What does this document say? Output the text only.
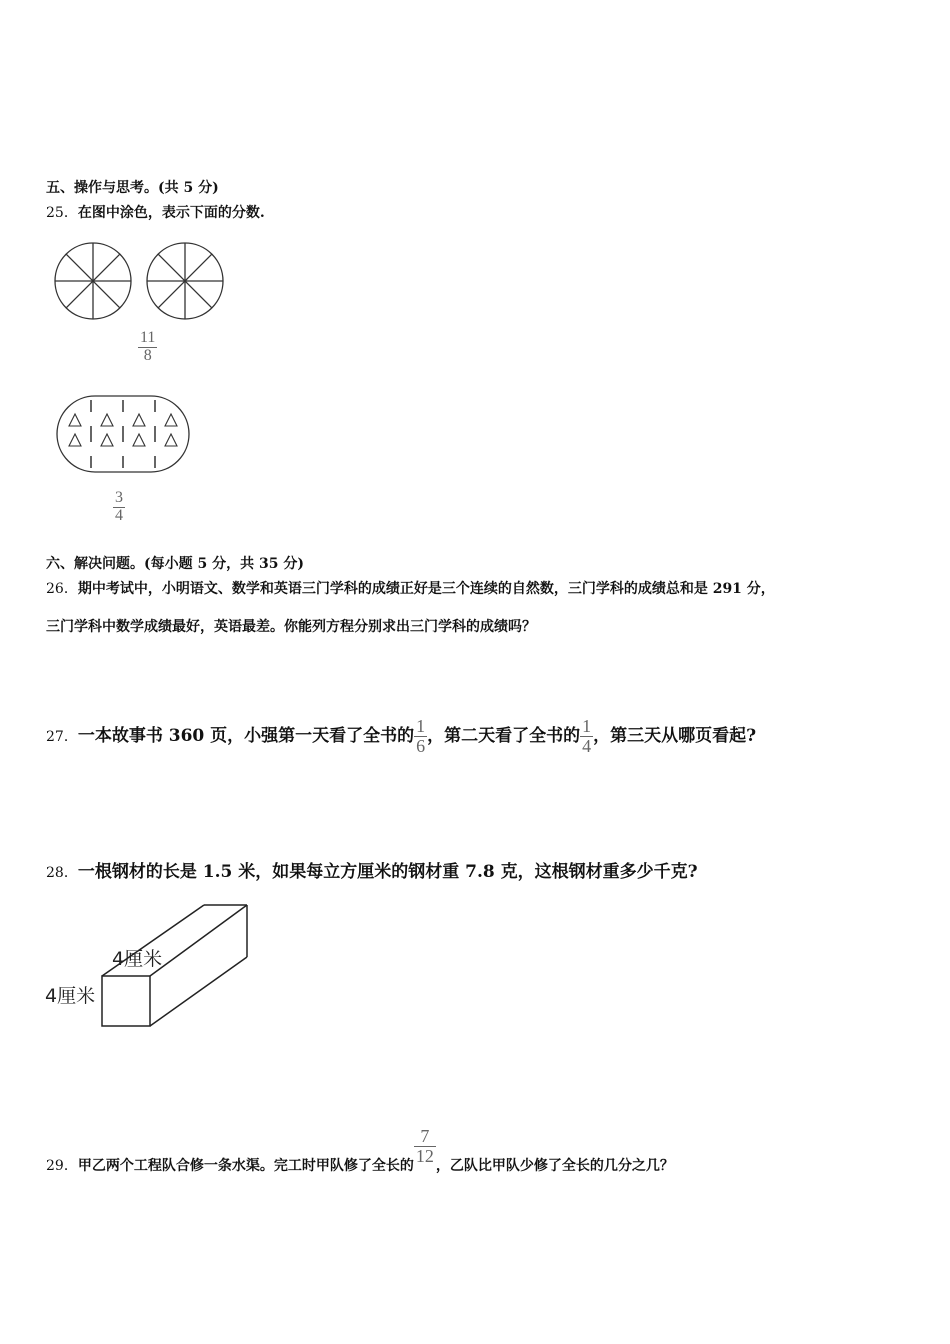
五、操作与思考。(共 5 分)
25．在图中涂色，表示下面的分数.
$\frac{11}{8}$
$\frac{3}{4}$
六、解决问题。(每小题 5 分，共 35 分)
26．期中考试中，小明语文、数学和英语三门学科的成绩正好是三个连续的自然数，三门学科的成绩总和是 291 分，
三门学科中数学成绩最好，英语最差。你能列方程分别求出三门学科的成绩吗？
27．一本故事书 360 页，小强第一天看了全书的 $\frac{1}{6}$ ，第二天看了全书的 $\frac{1}{4}$ ，第三天从哪页看起?
28．一根钢材的长是 1.5 米，如果每立方厘米的钢材重 7.8 克，这根钢材重多少千克?
4厘米
4厘米
29．甲乙两个工程队合修一条水渠。完工时甲队修了全长的
$\frac{7}{12}$
，乙队比甲队少修了全长的几分之几？
